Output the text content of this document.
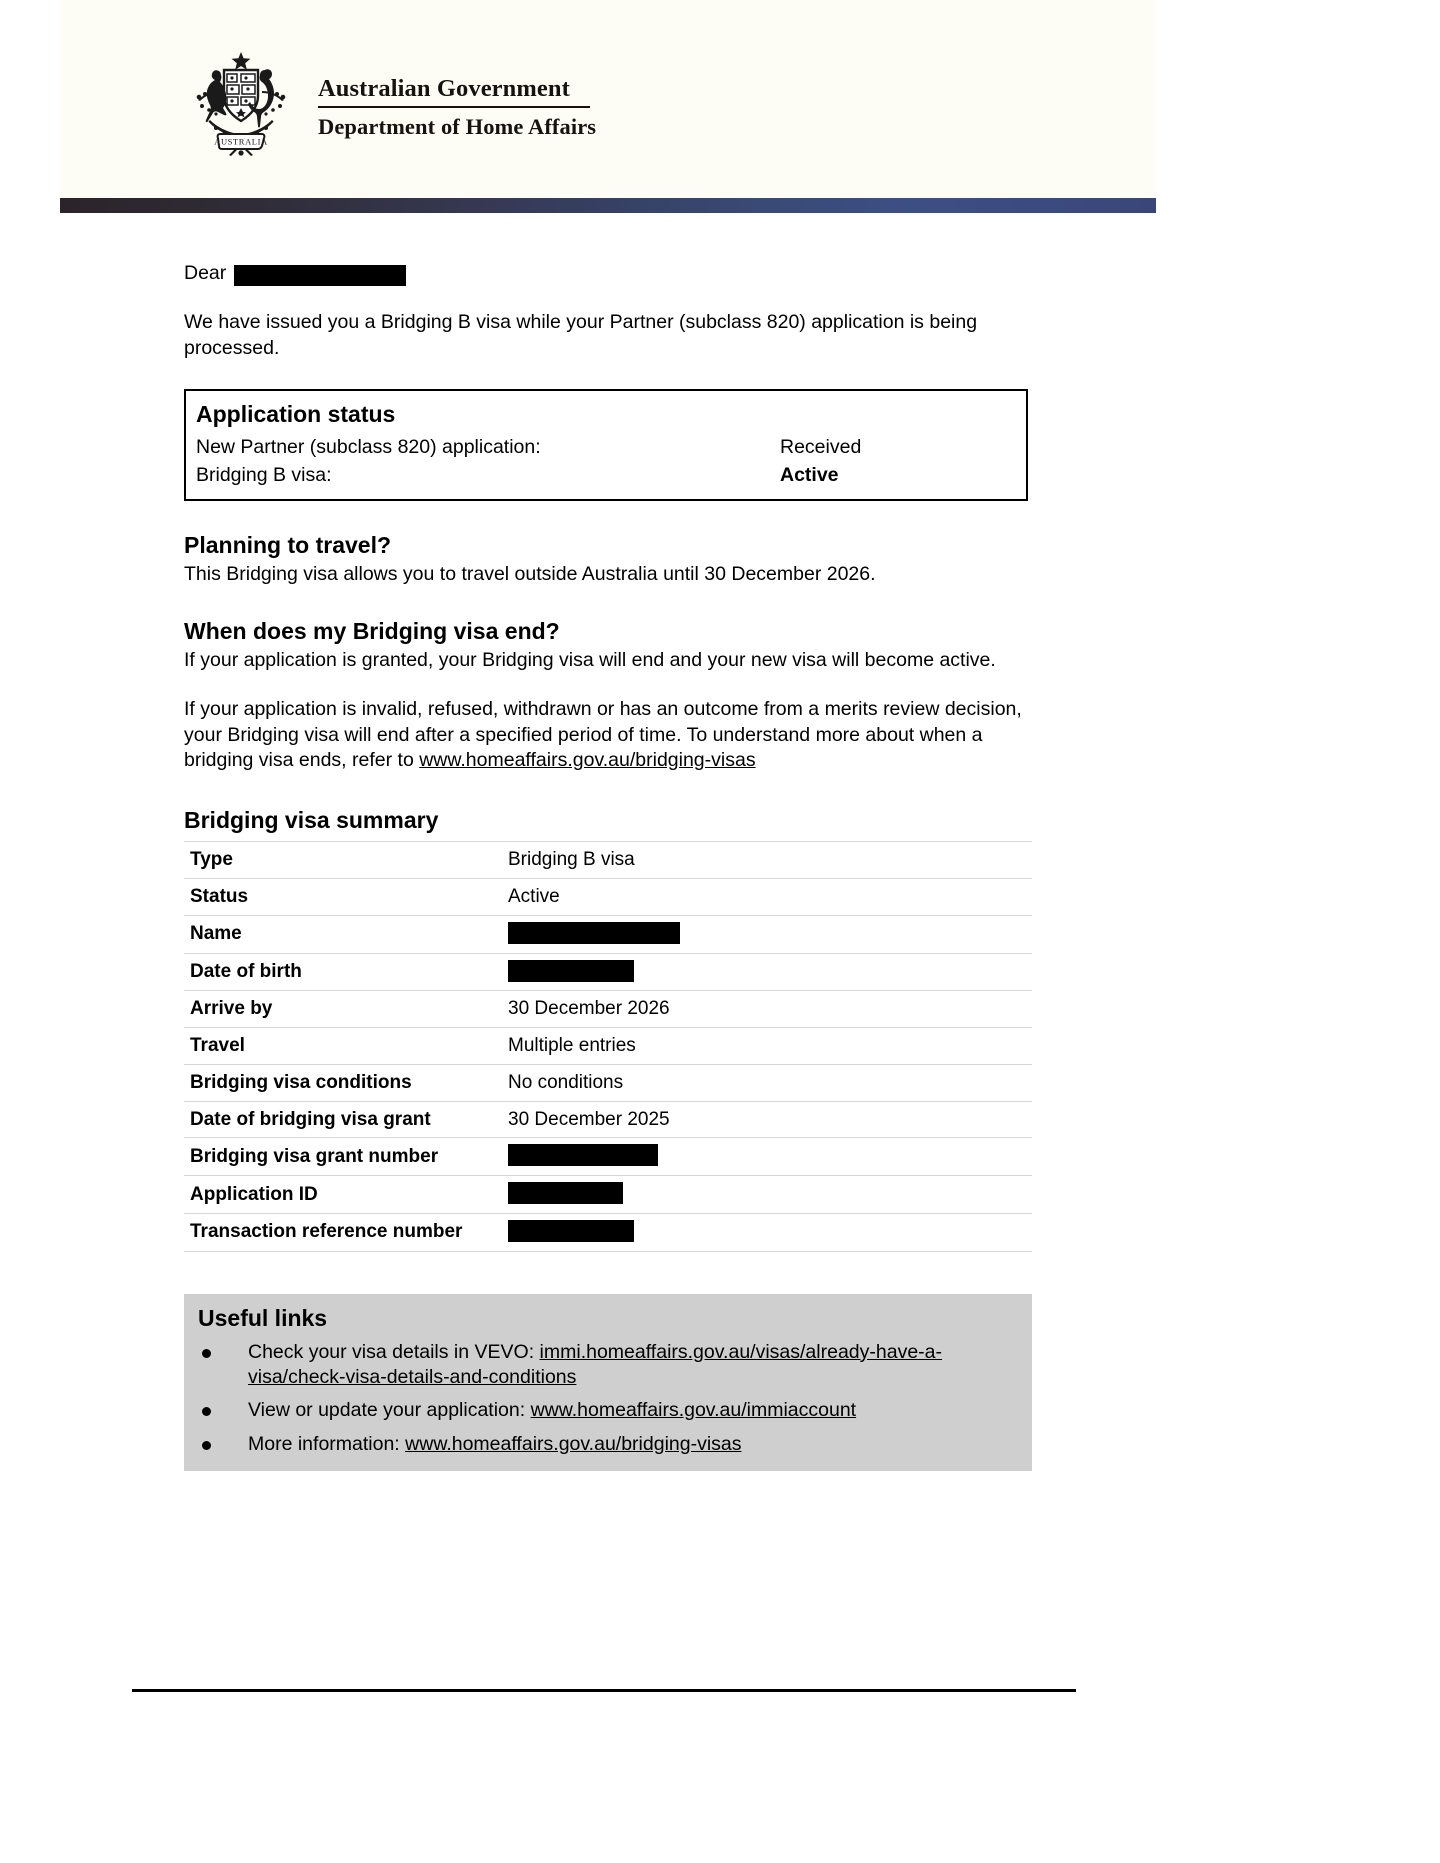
AUSTRALIA
Australian Government
Department of Home Affairs
Dear

We have issued you a Bridging B visa while your Partner (subclass 820) application is being processed.

Application status
New Partner (subclass 820) application:	Received
Bridging B visa:	Active
Planning to travel?

This Bridging visa allows you to travel outside Australia until 30 December 2026.

When does my Bridging visa end?

If your application is granted, your Bridging visa will end and your new visa will become active.

If your application is invalid, refused, withdrawn or has an outcome from a merits review decision, your Bridging visa will end after a specified period of time. To understand more about when a bridging visa ends, refer to www.homeaffairs.gov.au/bridging-visas

Bridging visa summary
Type	Bridging B visa
Status	Active
Name	
Date of birth	
Arrive by	30 December 2026
Travel	Multiple entries
Bridging visa conditions	No conditions
Date of bridging visa grant	30 December 2025
Bridging visa grant number	
Application ID	
Transaction reference number	
Useful links
Check your visa details in VEVO: immi.homeaffairs.gov.au/visas/already-have-a-visa/check-visa-details-and-conditions
View or update your application: www.homeaffairs.gov.au/immiaccount
More information: www.homeaffairs.gov.au/bridging-visas
